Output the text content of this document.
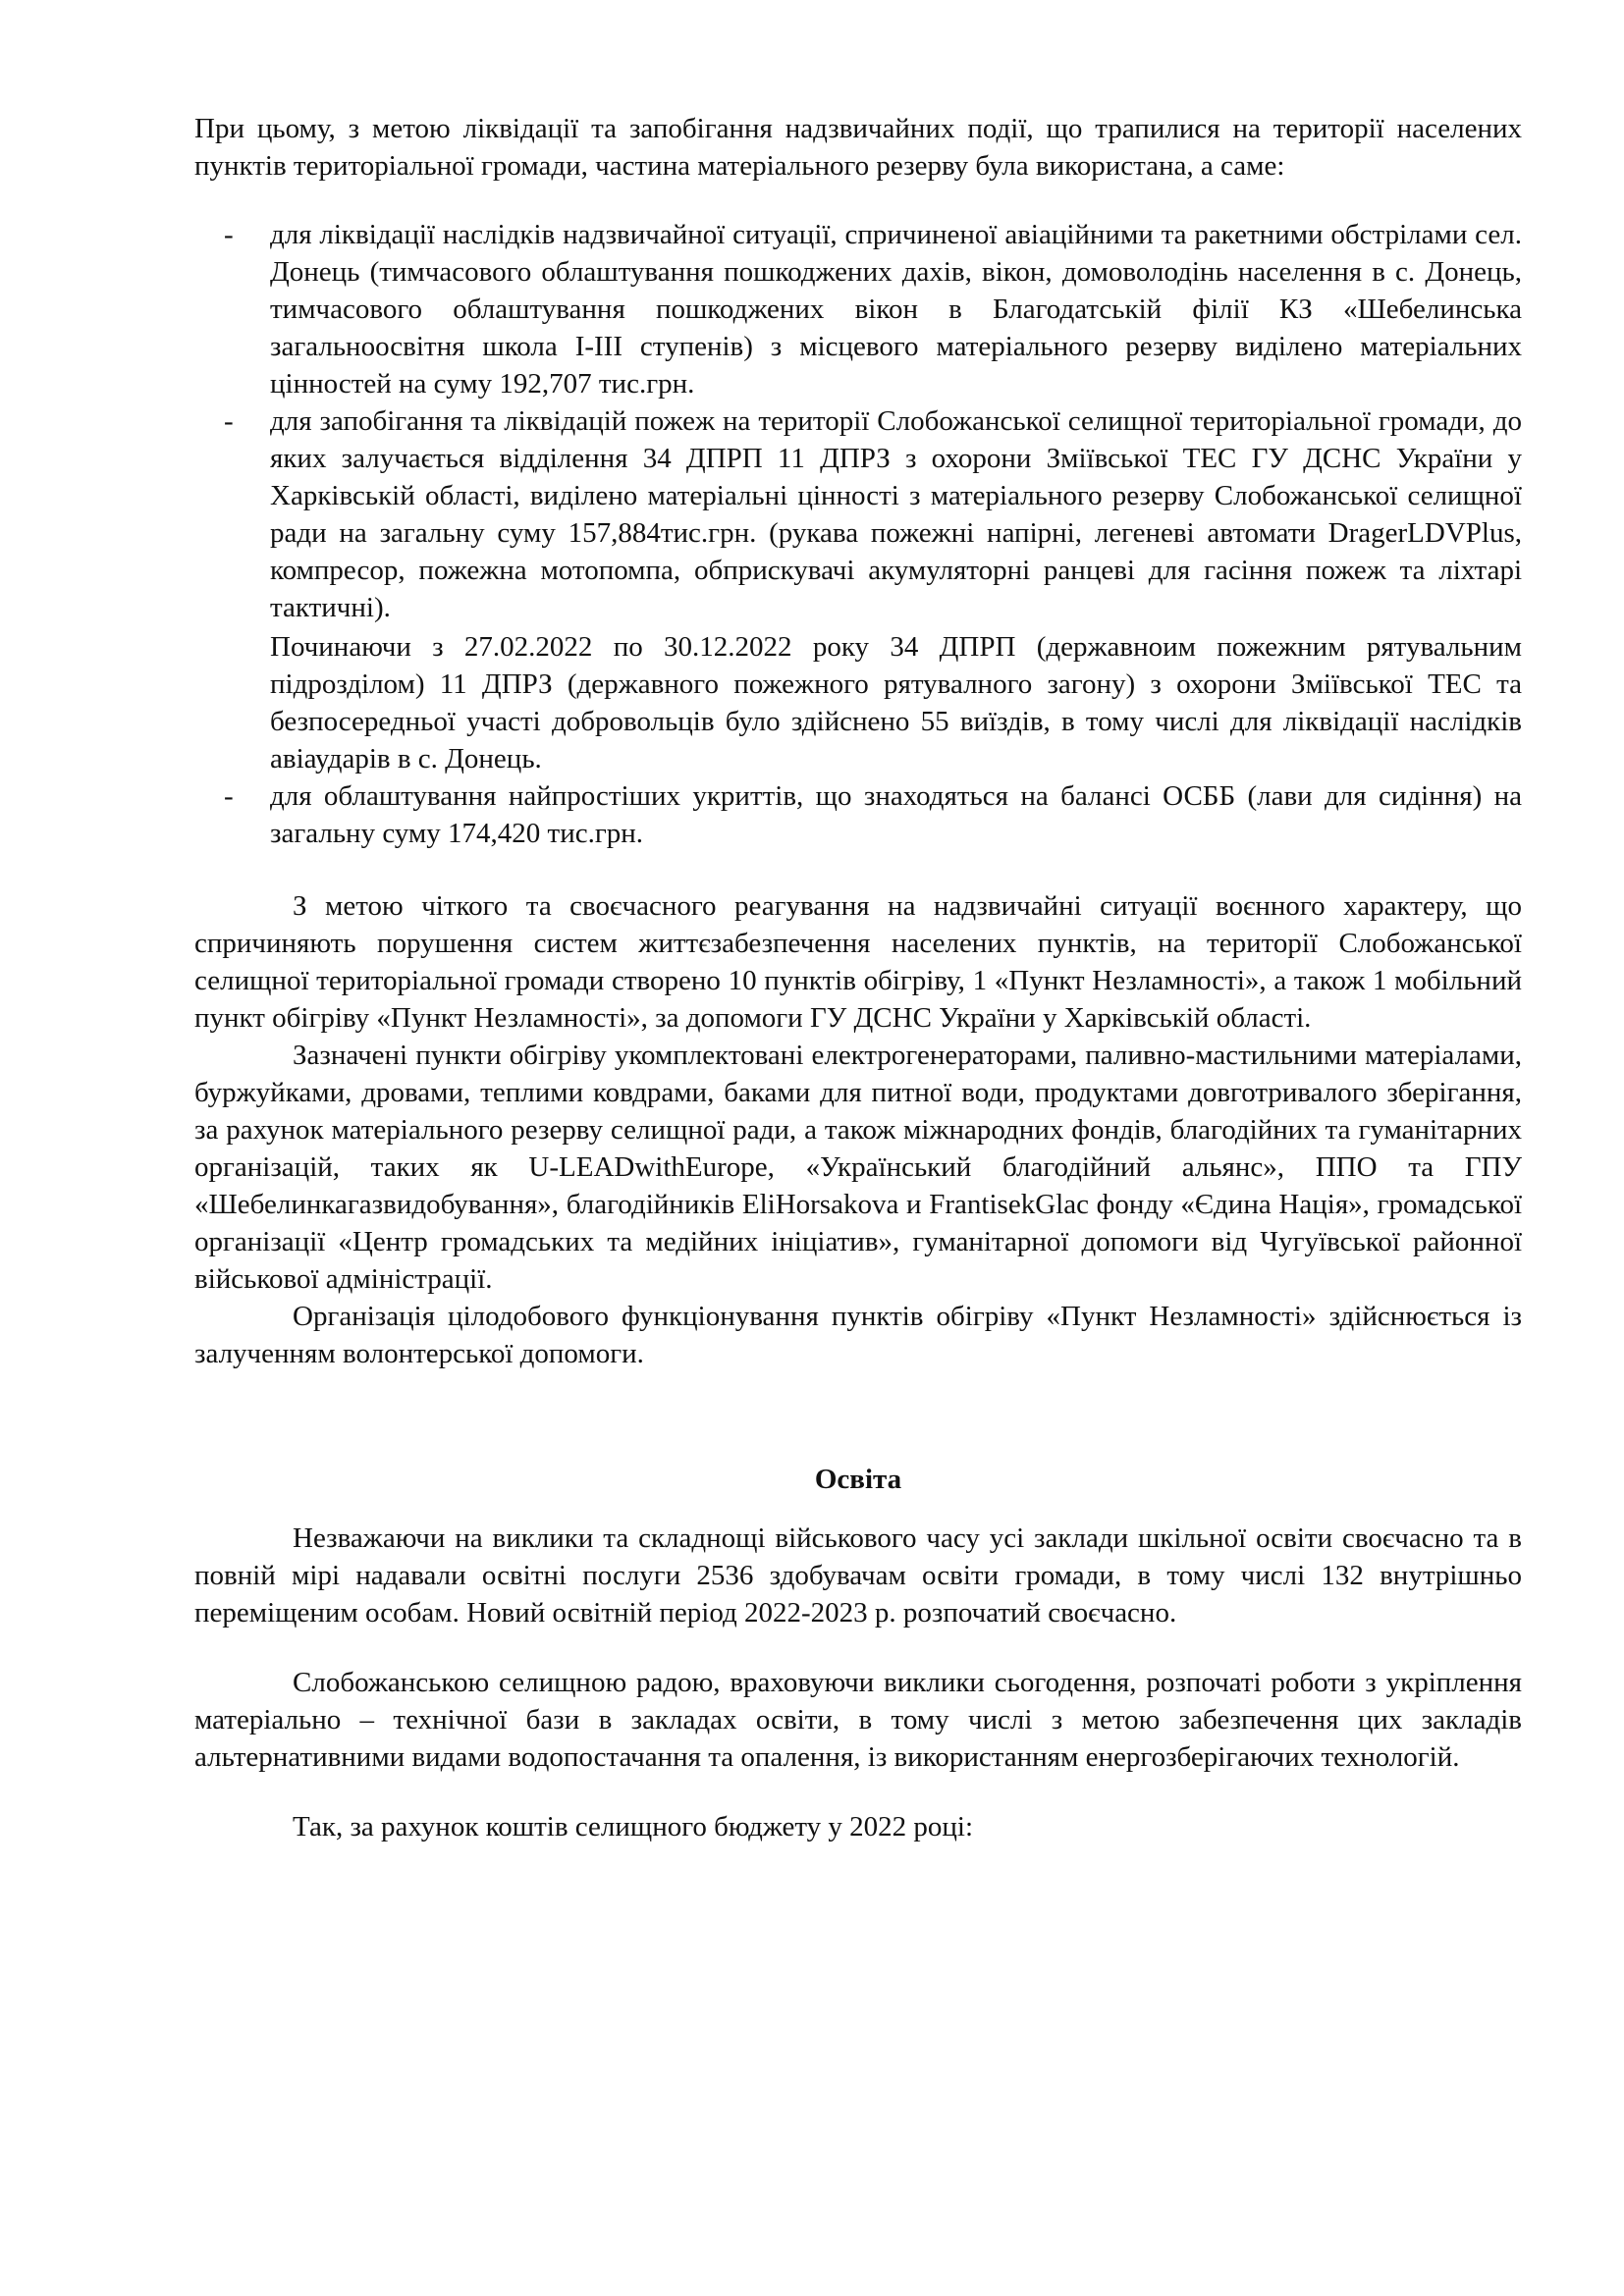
При цьому, з метою ліквідації та запобігання надзвичайних події, що трапилися на території населених пунктів територіальної громади, частина матеріального резерву була використана, а саме:

- для ліквідації наслідків надзвичайної ситуації, спричиненої авіаційними та ракетними обстрілами сел. Донець (тимчасового облаштування пошкоджених дахів, вікон, домоволодінь населення в с. Донець, тимчасового облаштування пошкоджених вікон в Благодатській філії КЗ «Шебелинська загальноосвітня школа І-ІІІ ступенів) з місцевого матеріального резерву виділено матеріальних цінностей на суму 192,707 тис.грн.

- для запобігання та ліквідацій пожеж на території Слобожанської селищної територіальної громади, до яких залучається відділення 34 ДПРП 11 ДПРЗ з охорони Зміївської ТЕС ГУ ДСНС України у Харківській області, виділено матеріальні цінності з матеріального резерву Слобожанської селищної ради на загальну суму 157,884тис.грн. (рукава пожежні напірні, легеневі автомати DragerLDVPlus, компресор, пожежна мотопомпа, обприскувачі акумуляторні ранцеві для гасіння пожеж та ліхтарі тактичні).

Починаючи з 27.02.2022 по 30.12.2022 року 34 ДПРП (державноим пожежним рятувальним підрозділом) 11 ДПРЗ (державного пожежного рятувалного загону) з охорони Зміївської ТЕС та безпосередньої участі добровольців було здійснено 55 виїздів, в тому числі для ліквідації наслідків авіаударів в с. Донець.

- для облаштування найпростіших укриттів, що знаходяться на балансі ОСББ (лави для сидіння) на загальну суму 174,420 тис.грн.

З метою чіткого та своєчасного реагування на надзвичайні ситуації воєнного характеру, що спричиняють порушення систем життєзабезпечення населених пунктів, на території Слобожанської селищної територіальної громади створено 10 пунктів обігріву, 1 «Пункт Незламності», а також 1 мобільний пункт обігріву «Пункт Незламності», за допомоги ГУ ДСНС України у Харківській області.

Зазначені пункти обігріву укомплектовані електрогенераторами, паливно-мастильними матеріалами, буржуйками, дровами, теплими ковдрами, баками для питної води, продуктами довготривалого зберігання, за рахунок матеріального резерву селищної ради, а також міжнародних фондів, благодійних та гуманітарних організацій, таких як U-LEADwithEurope, «Український благодійний альянс», ППО та ГПУ «Шебелинкагазвидобування», благодійників EliHorsakova и FrantisekGlac фонду «Єдина Нація», громадської організації «Центр громадських та медійних ініціатив», гуманітарної допомоги від Чугуївської районної військової адміністрації.

Організація цілодобового функціонування пунктів обігріву «Пункт Незламності» здійснюється із залученням волонтерської допомоги.

Освіта

Незважаючи на виклики та складнощі військового часу усі заклади шкільної освіти своєчасно та в повній мірі надавали освітні послуги 2536 здобувачам освіти громади, в тому числі 132 внутрішньо переміщеним особам. Новий освітній період 2022-2023 р. розпочатий своєчасно.

Слобожанською селищною радою, враховуючи виклики сьогодення, розпочаті роботи з укріплення матеріально – технічної бази в закладах освіти, в тому числі з метою забезпечення цих закладів альтернативними видами водопостачання та опалення, із використанням енергозберігаючих технологій.

Так, за рахунок коштів селищного бюджету у 2022 році:
